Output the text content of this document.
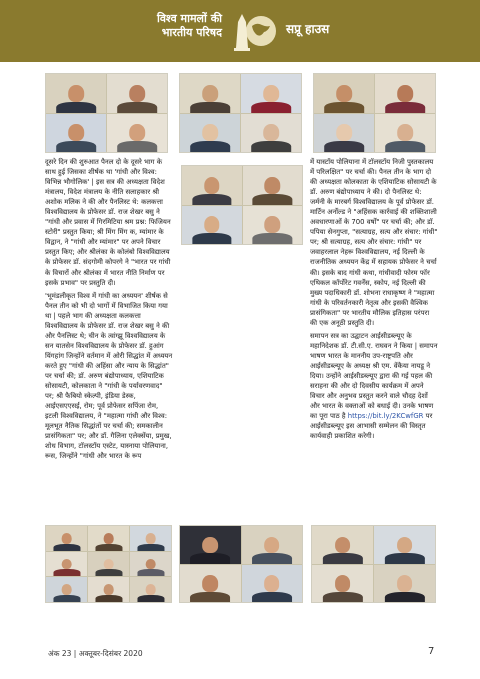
विश्व मामलों की
भारतीय परिषद	सप्रू हाउस

दूसरे दिन की शुरुआत पैनल दो के दूसरे भाग के साथ हुई जिसका शीर्षक था 'गांधी और विश्व: विभिन्न भौगोलिक' | इस सत्र की अध्यक्षता विदेश मंत्रालय, विदेश मंत्रालय के नीति सलाहकार श्री अशोक मलिक ने की और पैनलिस्ट थे: कलकत्ता विश्वविद्यालय के प्रोफेसर डॉ. राज शेखर बसु ने "गांधी और प्रवास में गिरमिटिया श्रम प्रश्न: फिजियन स्टोरी" प्रस्तुत किया; श्री मिंग मिंग क, म्यांमार के विद्वान, ने "गांधी और म्यांमार" पर अपने विचार प्रस्तुत किए; और श्रीलंका के कोलंबो विश्वविद्यालय के प्रोफेसर डॉ. संदगोमी कोपरगे ने "भारत पर गांधी के विचारों और श्रीलंका में भारत नीति निर्माण पर इसके प्रभाव" पर प्रस्तुति दी।

'भूमंडलीकृत विश्व में गांधी का अध्ययन' शीर्षक से पैनल तीन को भी दो भागों में विभाजित किया गया था | पहले भाग की अध्यक्षता कलकत्ता विश्वविद्यालय के प्रोफेसर डॉ. राज शेखर बसु ने की और पैनलिस्ट थे; चीन के त्वांग्झू विश्वविद्यालय के सन यातसेन विश्वविद्यालय के प्रोफेसर डॉ. हुआंग यिंगहांग जिन्होंने वर्तमान में ओरी सिद्धांत में अध्ययन करते हुए "गांधी की अहिंसा और न्याय के सिद्धांत" पर चर्चा की; डॉ. अरुण बंद्योपाध्याय, एशियाटिक सोसायटी, कोलकाता ने "गांधी के पर्यावरणवाद" पर; श्री फैबियो स्केल्पी, इंडिया डेस्क, आईएसएएसई, रोम; पूर्व प्रोफेसर सपिंजा रोम, इटली विश्वविद्यालय, ने "महात्मा गांधी और विश्व: मूलभूत नैतिक सिद्धांतों पर चर्चा की; समकालीन प्रासंगिकता" पर; और डॉ. गैलिना एलेक्सेंया, प्रमुख, शोध विभाग, टॉलस्टॉय एस्टेट, यास्नाया पोलियाना, रूस, जिन्होंने "गांधी और भारत के रूप

में यास्टाॅय पोलियाना में टॉलस्टॉय निजी पुस्तकालय में परिलक्षित" पर चर्चा की। पैनल तीन के भाग दो की अध्यक्षता कोलकाता के एशियाटिक सोसायटी के डॉ. अरुण बंद्योपाध्याय ने की। दो पैनलिस्ट थे: जर्मनी के मारबर्ग विश्वविद्यालय के पूर्व प्रोफेसर डॉ. मार्टिन अर्नोल्ड ने "अहिंसक कार्रवाई की शक्तिशाली अवधारणाओं के 700 वर्षों" पर चर्चा की; और डॉ. पपिया सेनगुप्ता, "सत्याग्रह, सत्य और संचार: गांधी" पर; श्री सत्याग्रह, सत्य और संचार: गांधी" पर जवाहरलाल नेहरू विश्वविद्यालय, नई दिल्ली के राजनीतिक अध्ययन केंद्र में सहायक प्रोफेसर ने चर्चा की। इसके बाद गांधी कथा, गांधीवादी फोरम फॉर एथिकल कॉर्पोरेट गवर्नेंस, स्कोप, नई दिल्ली की मुख्य पदाधिकारी डॉ. शोभना राधाकृष्ण ने "महात्मा गांधी के परिवर्तनकारी नेतृत्व और इसकी वैश्विक प्रासंगिकता" पर भारतीय मौलिक इतिहास परंपरा की एक अनूठी प्रस्तुति दी।

समापन सत्र का उद्घाटन आईसीडब्ल्यूए के महानिदेशक डॉ. टी.सी.ए. राघवन ने किया | समापन भाषण भारत के माननीय उप-राष्ट्रपति और आईसीडब्ल्यूए के अध्यक्ष श्री एम. वेंकैया नायडू ने दिया। उन्होंने आईसीडब्ल्यूए द्वारा की गई पहल की सराहना की और दो दिवसीय कार्यक्रम में अपने विचार और अनुभव प्रस्तुत करने वाले चौदह देशों और भारत के वक्ताओं को बधाई दी। उनके भाषण का पूरा पाठ है https://bit.ly/2KCwfGR पर आईसीडब्ल्यूए इस आभासी सम्मेलन की विस्तृत कार्यवाही प्रकाशित करेगी।

अंक 23 | अक्तूबर-दिसंबर 2020	7
